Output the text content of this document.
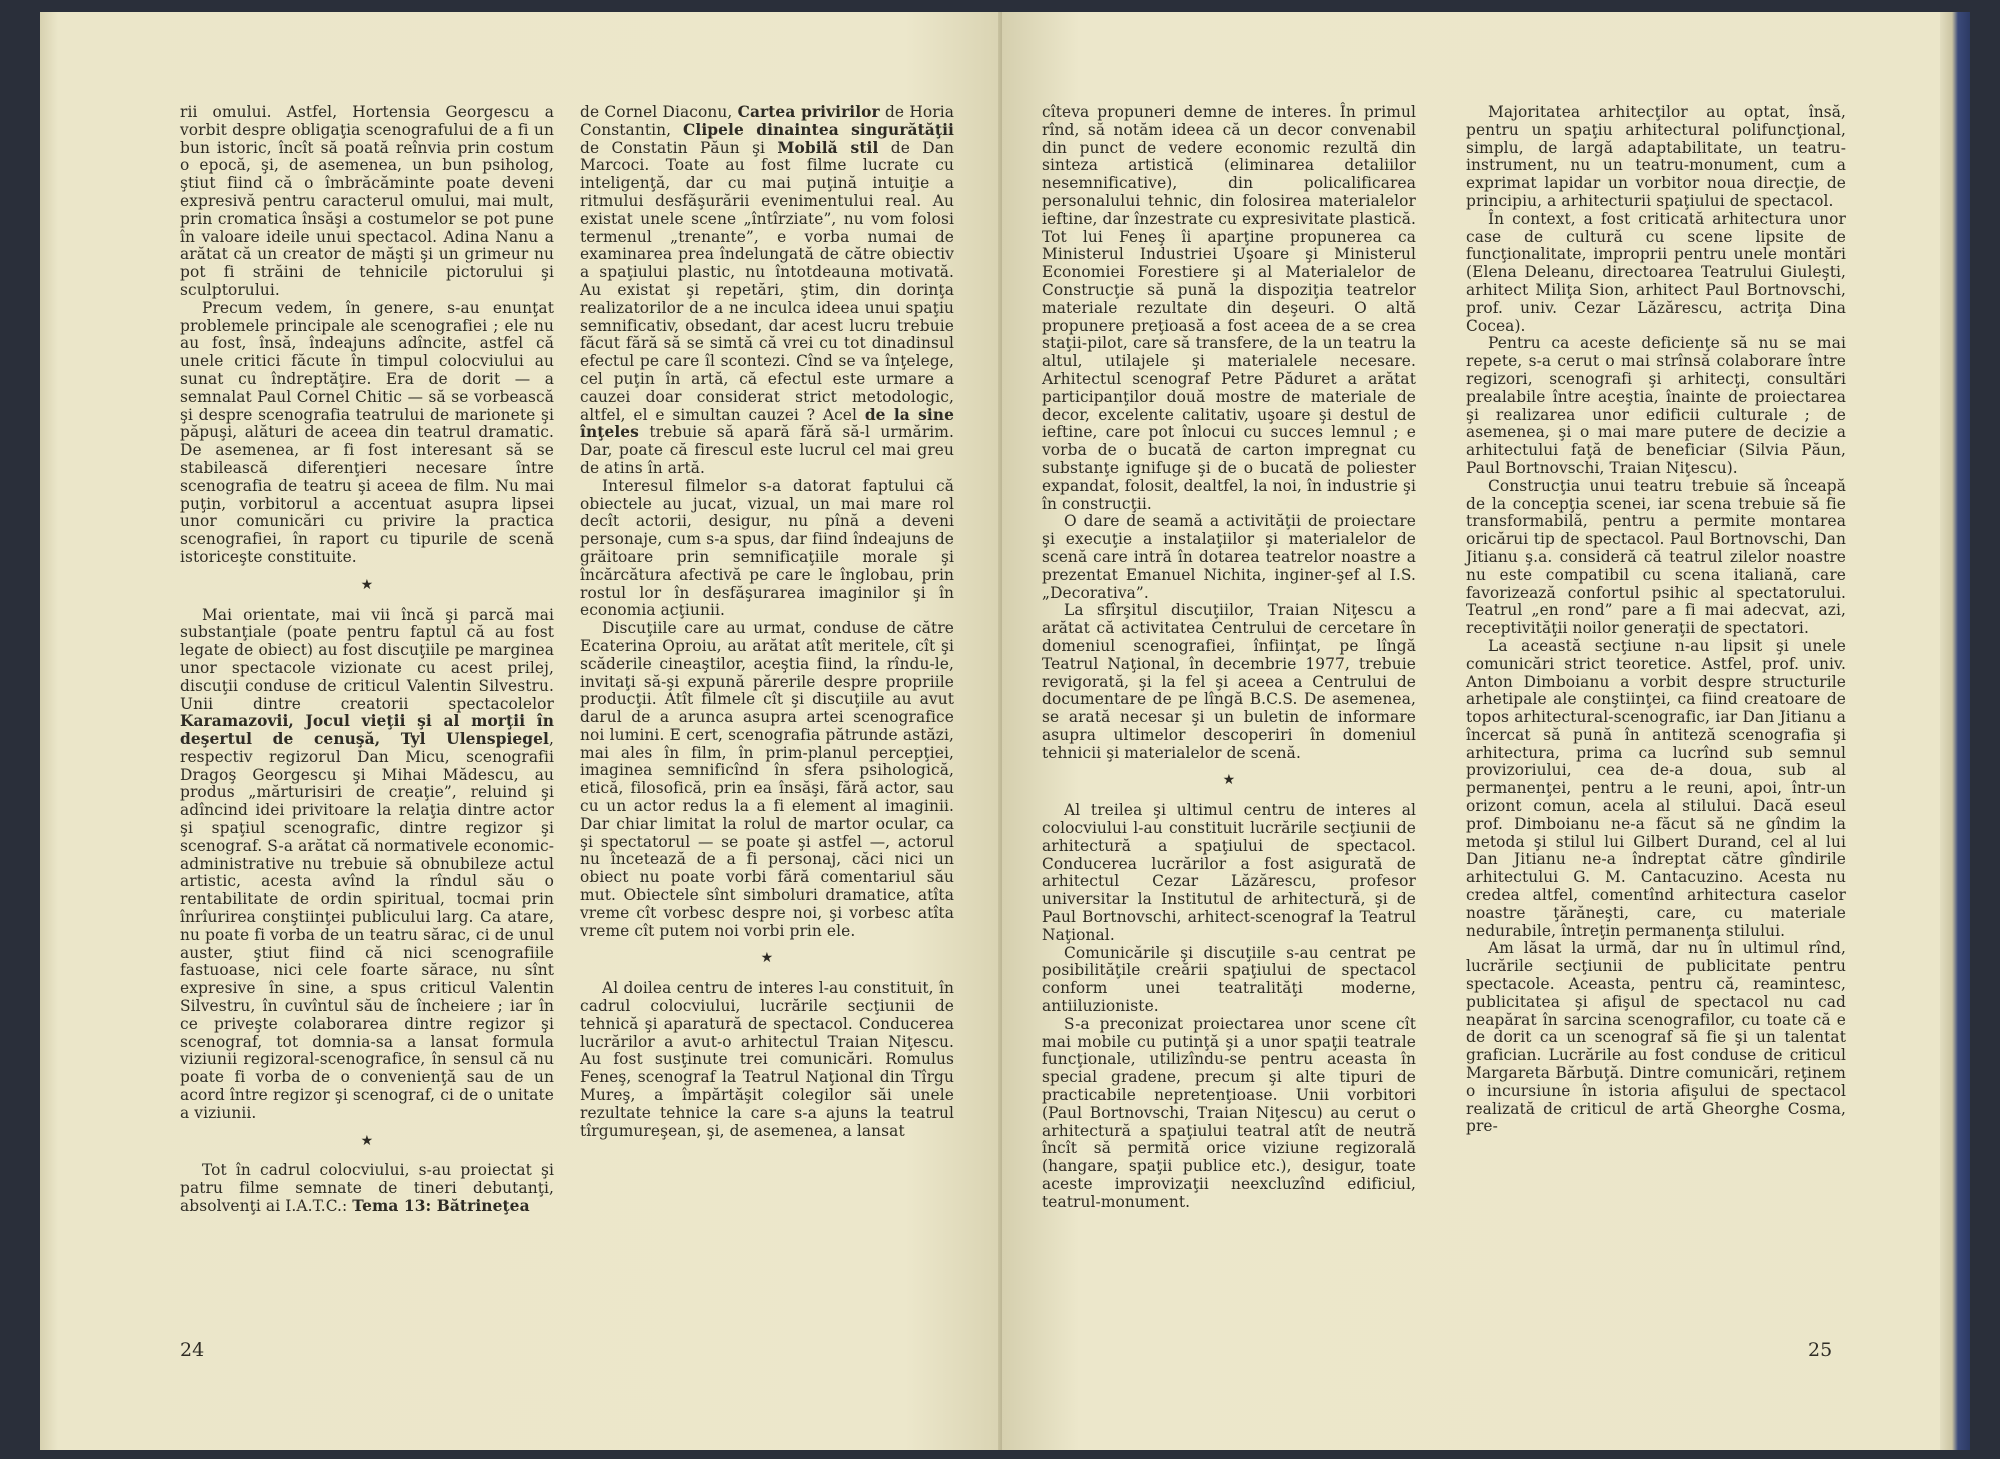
rii omului. Astfel, Hortensia Georgescu a vorbit despre obligaţia scenografului de a fi un bun istoric, încît să poată reînvia prin costum o epocă, şi, de asemenea, un bun psiholog, ştiut fiind că o îmbrăcăminte poate deveni expresivă pentru caracterul omului, mai mult, prin cromatica însăşi a costumelor se pot pune în valoare ideile unui spectacol. Adina Nanu a arătat că un creator de măşti şi un grimeur nu pot fi străini de tehnicile pictorului şi sculptorului.

Precum vedem, în genere, s-au enunţat problemele principale ale scenografiei ; ele nu au fost, însă, îndeajuns adîncite, astfel că unele critici făcute în timpul colocviului au sunat cu îndreptăţire. Era de dorit — a semnalat Paul Cornel Chitic — să se vorbească şi despre scenografia teatrului de marionete şi păpuşi, alături de aceea din teatrul dramatic. De asemenea, ar fi fost interesant să se stabilească diferenţieri necesare între scenografia de teatru şi aceea de film. Nu mai puţin, vorbitorul a accentuat asupra lipsei unor comunicări cu privire la practica scenografiei, în raport cu tipurile de scenă istoriceşte constituite.

★

Mai orientate, mai vii încă şi parcă mai substanţiale (poate pentru faptul că au fost legate de obiect) au fost discuţiile pe marginea unor spectacole vizionate cu acest prilej, discuţii conduse de criticul Valentin Silvestru. Unii dintre creatorii spectacolelor Karamazovii, Jocul vieţii şi al morţii în deşertul de cenuşă, Tyl Ulenspiegel, respectiv regizorul Dan Micu, scenografii Dragoş Georgescu şi Mihai Mădescu, au produs „mărturisiri de creaţie”, reluind şi adîncind idei privitoare la relaţia dintre actor şi spaţiul scenografic, dintre regizor şi scenograf. S-a arătat că normativele economic-administrative nu trebuie să obnubileze actul artistic, acesta avînd la rîndul său o rentabilitate de ordin spiritual, tocmai prin înrîurirea conştiinţei publicului larg. Ca atare, nu poate fi vorba de un teatru sărac, ci de unul auster, ştiut fiind că nici scenografiile fastuoase, nici cele foarte sărace, nu sînt expresive în sine, a spus criticul Valentin Silvestru, în cuvîntul său de încheiere ; iar în ce priveşte colaborarea dintre regizor şi scenograf, tot domnia-sa a lansat formula viziunii regizoral-scenografice, în sensul că nu poate fi vorba de o convenienţă sau de un acord între regizor şi scenograf, ci de o unitate a viziunii.

★

Tot în cadrul colocviului, s-au proiectat şi patru filme semnate de tineri debutanţi, absolvenţi ai I.A.T.C.: Tema 13: Bătrineţea

de Cornel Diaconu, Cartea privirilor de Horia Constantin, Clipele dinaintea singurătăţii de Constatin Păun şi Mobilă stil de Dan Marcoci. Toate au fost filme lucrate cu inteligenţă, dar cu mai puţină intuiţie a ritmului desfăşurării evenimentului real. Au existat unele scene „întîrziate”, nu vom folosi termenul „trenante”, e vorba numai de examinarea prea îndelungată de către obiectiv a spaţiului plastic, nu întotdeauna motivată. Au existat şi repetări, ştim, din dorinţa realizatorilor de a ne inculca ideea unui spaţiu semnificativ, obsedant, dar acest lucru trebuie făcut fără să se simtă că vrei cu tot dinadinsul efectul pe care îl scontezi. Cînd se va înţelege, cel puţin în artă, că efectul este urmare a cauzei doar considerat strict metodologic, altfel, el e simultan cauzei ? Acel de la sine înţeles trebuie să apară fără să-l urmărim. Dar, poate că firescul este lucrul cel mai greu de atins în artă.

Interesul filmelor s-a datorat faptului că obiectele au jucat, vizual, un mai mare rol decît actorii, desigur, nu pînă a deveni personaje, cum s-a spus, dar fiind îndeajuns de grăitoare prin semnificaţiile morale şi încărcătura afectivă pe care le înglobau, prin rostul lor în desfăşurarea imaginilor şi în economia acţiunii.

Discuţiile care au urmat, conduse de către Ecaterina Oproiu, au arătat atît meritele, cît şi scăderile cineaştilor, aceştia fiind, la rîndu-le, invitaţi să-şi expună părerile despre propriile producţii. Atît filmele cît şi discuţiile au avut darul de a arunca asupra artei scenografice noi lumini. E cert, scenografia pătrunde astăzi, mai ales în film, în prim-planul percepţiei, imaginea semnificînd în sfera psihologică, etică, filosofică, prin ea însăşi, fără actor, sau cu un actor redus la a fi element al imaginii. Dar chiar limitat la rolul de martor ocular, ca şi spectatorul — se poate şi astfel —, actorul nu încetează de a fi personaj, căci nici un obiect nu poate vorbi fără comentariul său mut. Obiectele sînt simboluri dramatice, atîta vreme cît vorbesc despre noi, şi vorbesc atîta vreme cît putem noi vorbi prin ele.

★

Al doilea centru de interes l-au constituit, în cadrul colocviului, lucrările secţiunii de tehnică şi aparatură de spectacol. Conducerea lucrărilor a avut-o arhitectul Traian Niţescu. Au fost susţinute trei comunicări. Romulus Feneş, scenograf la Teatrul Naţional din Tîrgu Mureş, a împărtăşit colegilor săi unele rezultate tehnice la care s-a ajuns la teatrul tîrgumureşean, şi, de asemenea, a lansat

24

cîteva propuneri demne de interes. În primul rînd, să notăm ideea că un decor convenabil din punct de vedere economic rezultă din sinteza artistică (eliminarea detaliilor nesemnificative), din policalificarea personalului tehnic, din folosirea materialelor ieftine, dar înzestrate cu expresivitate plastică. Tot lui Feneş îi aparţine propunerea ca Ministerul Industriei Uşoare şi Ministerul Economiei Forestiere şi al Materialelor de Construcţie să pună la dispoziţia teatrelor materiale rezultate din deşeuri. O altă propunere preţioasă a fost aceea de a se crea staţii-pilot, care să transfere, de la un teatru la altul, utilajele şi materialele necesare. Arhitectul scenograf Petre Păduret a arătat participanţilor două mostre de materiale de decor, excelente calitativ, uşoare şi destul de ieftine, care pot înlocui cu succes lemnul ; e vorba de o bucată de carton impregnat cu substanţe ignifuge şi de o bucată de poliester expandat, folosit, dealtfel, la noi, în industrie şi în construcţii.

O dare de seamă a activităţii de proiectare şi execuţie a instalaţiilor şi materialelor de scenă care intră în dotarea teatrelor noastre a prezentat Emanuel Nichita, inginer-şef al I.S. „Decorativa”.

La sfîrşitul discuţiilor, Traian Niţescu a arătat că activitatea Centrului de cercetare în domeniul scenografiei, înfiinţat, pe lîngă Teatrul Naţional, în decembrie 1977, trebuie revigorată, şi la fel şi aceea a Centrului de documentare de pe lîngă B.C.S. De asemenea, se arată necesar şi un buletin de informare asupra ultimelor descoperiri în domeniul tehnicii şi materialelor de scenă.

★

Al treilea şi ultimul centru de interes al colocviului l-au constituit lucrările secţiunii de arhitectură a spaţiului de spectacol. Conducerea lucrărilor a fost asigurată de arhitectul Cezar Lăzărescu, profesor universitar la Institutul de arhitectură, şi de Paul Bortnovschi, arhitect-scenograf la Teatrul Naţional.

Comunicările şi discuţiile s-au centrat pe posibilităţile creării spaţiului de spectacol conform unei teatralităţi moderne, antiiluzioniste.

S-a preconizat proiectarea unor scene cît mai mobile cu putinţă şi a unor spaţii teatrale funcţionale, utilizîndu-se pentru aceasta în special gradene, precum şi alte tipuri de practicabile nepretenţioase. Unii vorbitori (Paul Bortnovschi, Traian Niţescu) au cerut o arhitectură a spaţiului teatral atît de neutră încît să permită orice viziune regizorală (hangare, spaţii publice etc.), desigur, toate aceste improvizaţii neexcluzînd edificiul, teatrul-monument.

Majoritatea arhitecţilor au optat, însă, pentru un spaţiu arhitectural polifuncţional, simplu, de largă adaptabilitate, un teatru-instrument, nu un teatru-monument, cum a exprimat lapidar un vorbitor noua direcţie, de principiu, a arhitecturii spaţiului de spectacol.

În context, a fost criticată arhitectura unor case de cultură cu scene lipsite de funcţionalitate, improprii pentru unele montări (Elena Deleanu, directoarea Teatrului Giuleşti, arhitect Miliţa Sion, arhitect Paul Bortnovschi, prof. univ. Cezar Lăzărescu, actriţa Dina Cocea).

Pentru ca aceste deficienţe să nu se mai repete, s-a cerut o mai strînsă colaborare între regizori, scenografi şi arhitecţi, consultări prealabile între aceştia, înainte de proiectarea şi realizarea unor edificii culturale ; de asemenea, şi o mai mare putere de decizie a arhitectului faţă de beneficiar (Silvia Păun, Paul Bortnovschi, Traian Niţescu).

Construcţia unui teatru trebuie să înceapă de la concepţia scenei, iar scena trebuie să fie transformabilă, pentru a permite montarea oricărui tip de spectacol. Paul Bortnovschi, Dan Jitianu ş.a. consideră că teatrul zilelor noastre nu este compatibil cu scena italiană, care favorizează confortul psihic al spectatorului. Teatrul „en rond” pare a fi mai adecvat, azi, receptivităţii noilor generaţii de spectatori.

La această secţiune n-au lipsit şi unele comunicări strict teoretice. Astfel, prof. univ. Anton Dimboianu a vorbit despre structurile arhetipale ale conştiinţei, ca fiind creatoare de topos arhitectural-scenografic, iar Dan Jitianu a încercat să pună în antiteză scenografia şi arhitectura, prima ca lucrînd sub semnul provizoriului, cea de-a doua, sub al permanenţei, pentru a le reuni, apoi, într-un orizont comun, acela al stilului. Dacă eseul prof. Dimboianu ne-a făcut să ne gîndim la metoda şi stilul lui Gilbert Durand, cel al lui Dan Jitianu ne-a îndreptat către gîndirile arhitectului G. M. Cantacuzino. Acesta nu credea altfel, comentînd arhitectura caselor noastre ţărăneşti, care, cu materiale nedurabile, întreţin permanenţa stilului.

Am lăsat la urmă, dar nu în ultimul rînd, lucrările secţiunii de publicitate pentru spectacole. Aceasta, pentru că, reamintesc, publicitatea şi afişul de spectacol nu cad neapărat în sarcina scenografilor, cu toate că e de dorit ca un scenograf să fie şi un talentat grafician. Lucrările au fost conduse de criticul Margareta Bărbuţă. Dintre comunicări, reţinem o incursiune în istoria afişului de spectacol realizată de criticul de artă Gheorghe Cosma, pre-

25
